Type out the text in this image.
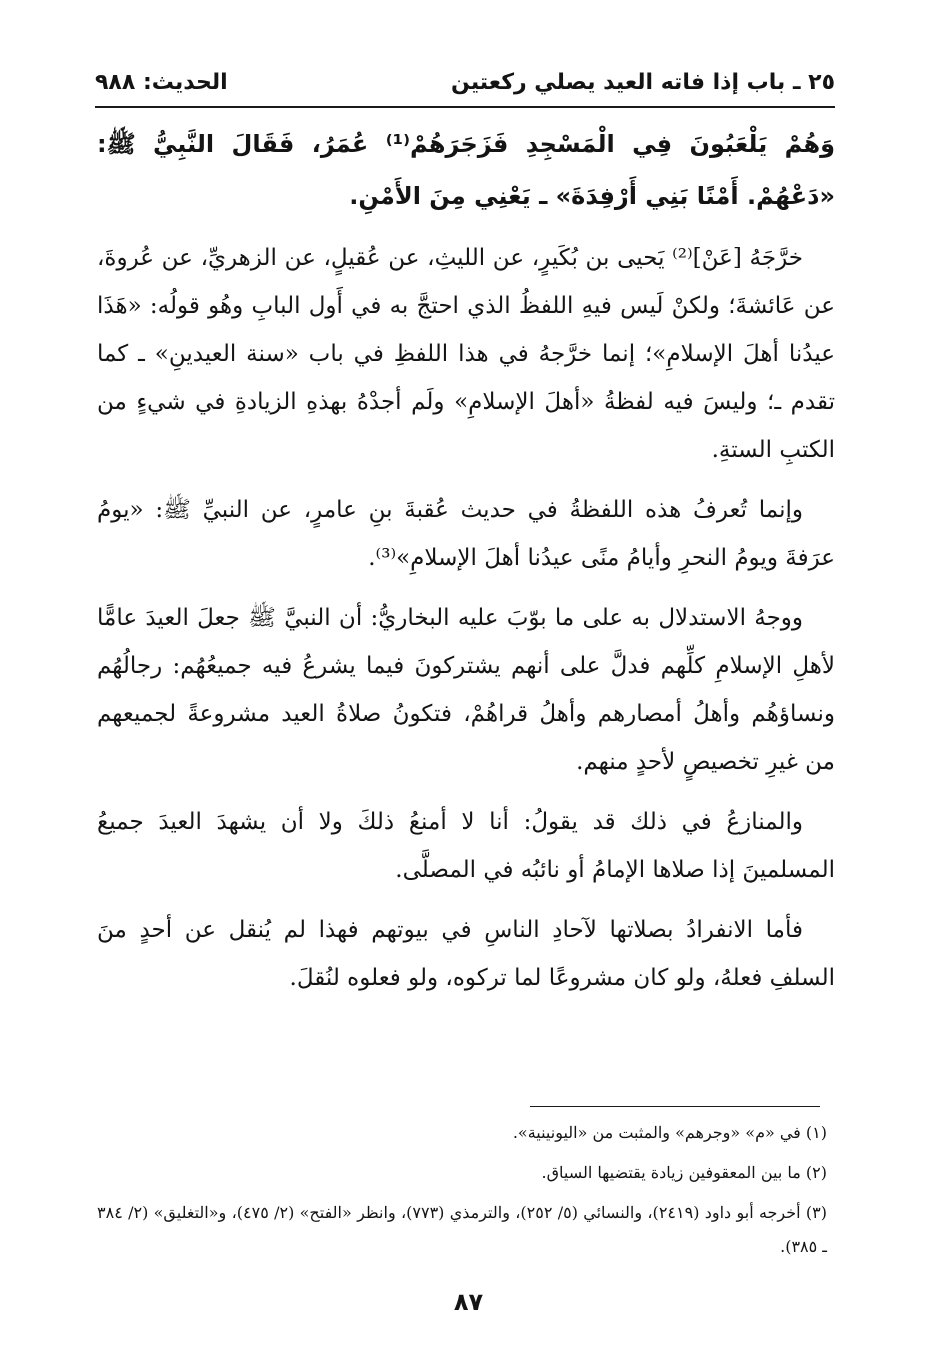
٢٥ ـ باب إذا فاته العيد يصلي ركعتين
الحديث: ٩٨٨

وَهُمْ يَلْعَبُونَ فِي الْمَسْجِدِ فَزَجَرَهُمْ⁽¹⁾ عُمَرُ، فَقَالَ النَّبِيُّ ﷺ: «دَعْهُمْ. أَمْنًا بَنِي أَرْفِدَةَ» ـ يَعْنِي مِنَ الأَمْنِ.

خرَّجَهُ [عَنْ]⁽²⁾ يَحيى بن بُكَيرٍ، عن الليثِ، عن عُقيلٍ، عن الزهريِّ، عن عُروةَ، عن عَائشةَ؛ ولكنْ لَيس فيهِ اللفظُ الذي احتجَّ به في أَول البابِ وهُو قولُه: «هَذَا عيدُنا أهلَ الإسلامِ»؛ إنما خرَّجهُ في هذا اللفظِ في باب «سنة العيدينِ» ـ كما تقدم ـ؛ وليسَ فيه لفظةُ «أهلَ الإسلامِ» ولَم أجدْهُ بهذهِ الزيادةِ في شيءٍ من الكتبِ الستةِ.

وإنما تُعرفُ هذه اللفظةُ في حديث عُقبةَ بنِ عامرٍ، عن النبيِّ ﷺ: «يومُ عرَفةَ ويومُ النحرِ وأيامُ منًى عيدُنا أهلَ الإسلامِ»⁽³⁾.

ووجهُ الاستدلال به على ما بوّبَ عليه البخاريُّ: أن النبيَّ ﷺ جعلَ العيدَ عامًّا لأهلِ الإسلامِ كلِّهم فدلَّ على أنهم يشتركونَ فيما يشرعُ فيه جميعُهُم: رجالُهُم ونساؤهُم وأهلُ أمصارهم وأهلُ قراهُمْ، فتكونُ صلاةُ العيد مشروعةً لجميعهم من غيرِ تخصيصٍ لأحدٍ منهم.

والمنازعُ في ذلك قد يقولُ: أنا لا أمنعُ ذلكَ ولا أن يشهدَ العيدَ جميعُ المسلمينَ إذا صلاها الإمامُ أو نائبُه في المصلَّى.

فأما الانفرادُ بصلاتها لآحادِ الناسِ في بيوتهم فهذا لم يُنقل عن أحدٍ منَ السلفِ فعلهُ، ولو كان مشروعًا لما تركوه، ولو فعلوه لنُقلَ.

(١) في «م» «وجرهم» والمثبت من «اليونينية».

(٢) ما بين المعقوفين زيادة يقتضيها السياق.

(٣) أخرجه أبو داود (٢٤١٩)، والنسائي (٥/ ٢٥٢)، والترمذي (٧٧٣)، وانظر «الفتح» (٢/ ٤٧٥)، و«التغليق» (٢/ ٣٨٤ ـ ٣٨٥).

٨٧
